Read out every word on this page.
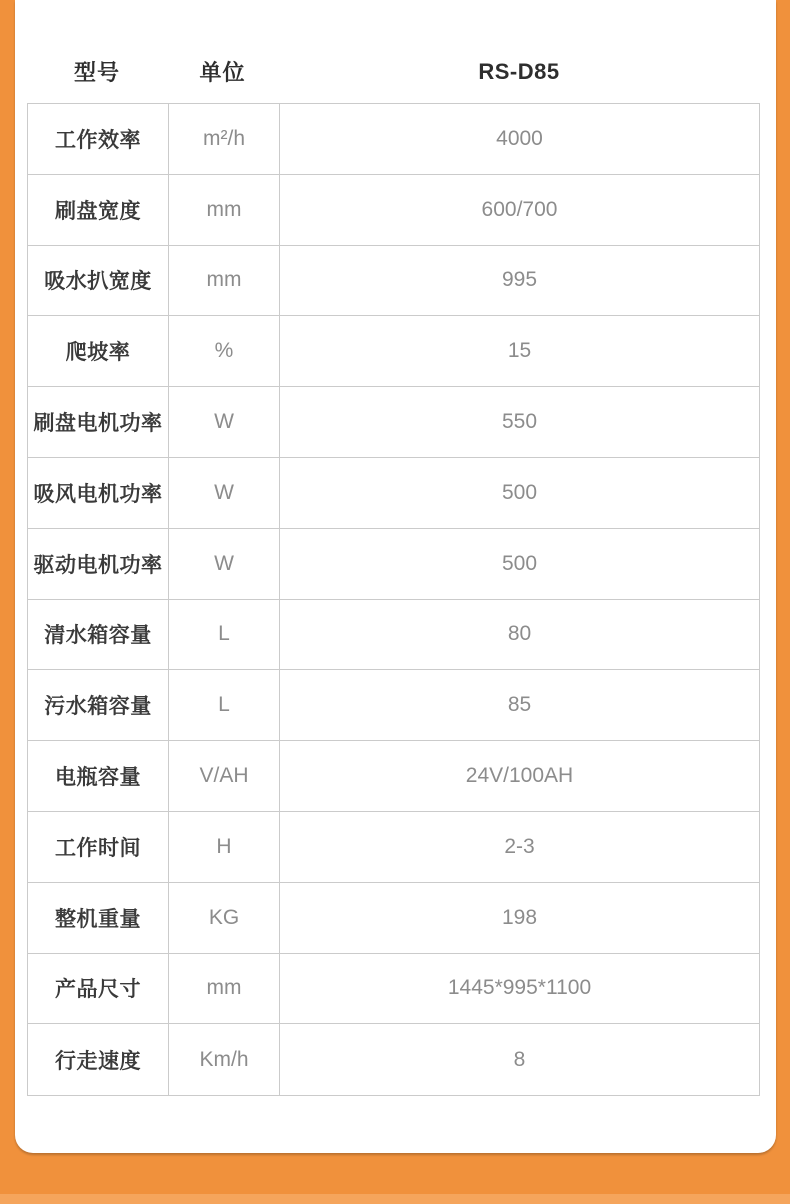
型号	单位	RS-D85
工作效率	m²/h	4000
刷盘宽度	mm	600/700
吸水扒宽度	mm	995
爬坡率	%	15
刷盘电机功率	W	550
吸风电机功率	W	500
驱动电机功率	W	500
清水箱容量	L	80
污水箱容量	L	85
电瓶容量	V/AH	24V/100AH
工作时间	H	2-3
整机重量	KG	198
产品尺寸	mm	1445*995*1100
行走速度	Km/h	8
